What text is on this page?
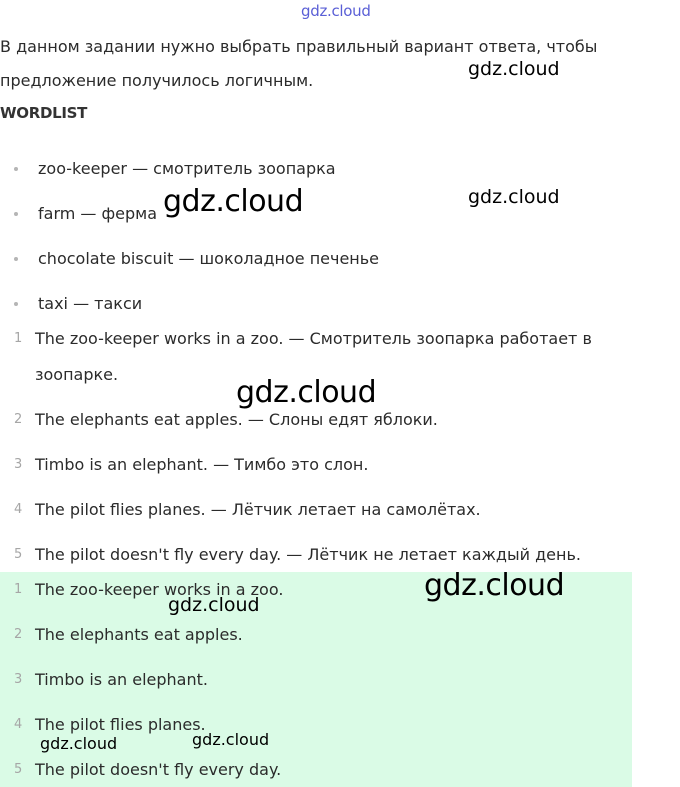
gdz.cloud

В данном задании нужно выбрать правильный вариант ответа, чтобы предложение получилось логичным.

WORDLIST
zoo-keeper — смотритель зоопарка
farm — ферма
chocolate biscuit — шоколадное печенье
taxi — такси
1 The zoo-keeper works in a zoo. — Смотритель зоопарка работает в зоопарке.
2 The elephants eat apples. — Слоны едят яблоки.
3 Timbo is an elephant. — Тимбо это слон.
4 The pilot flies planes. — Лётчик летает на самолётах.
5 The pilot doesn't fly every day. — Лётчик не летает каждый день.
1 The zoo-keeper works in a zoo.
2 The elephants eat apples.
3 Timbo is an elephant.
4 The pilot flies planes.
5 The pilot doesn't fly every day.
gdz.cloud
gdz.cloud	gdz.cloud
gdz.cloud
gdz.cloud
gdz.cloud
gdz.cloud	gdz.cloud
